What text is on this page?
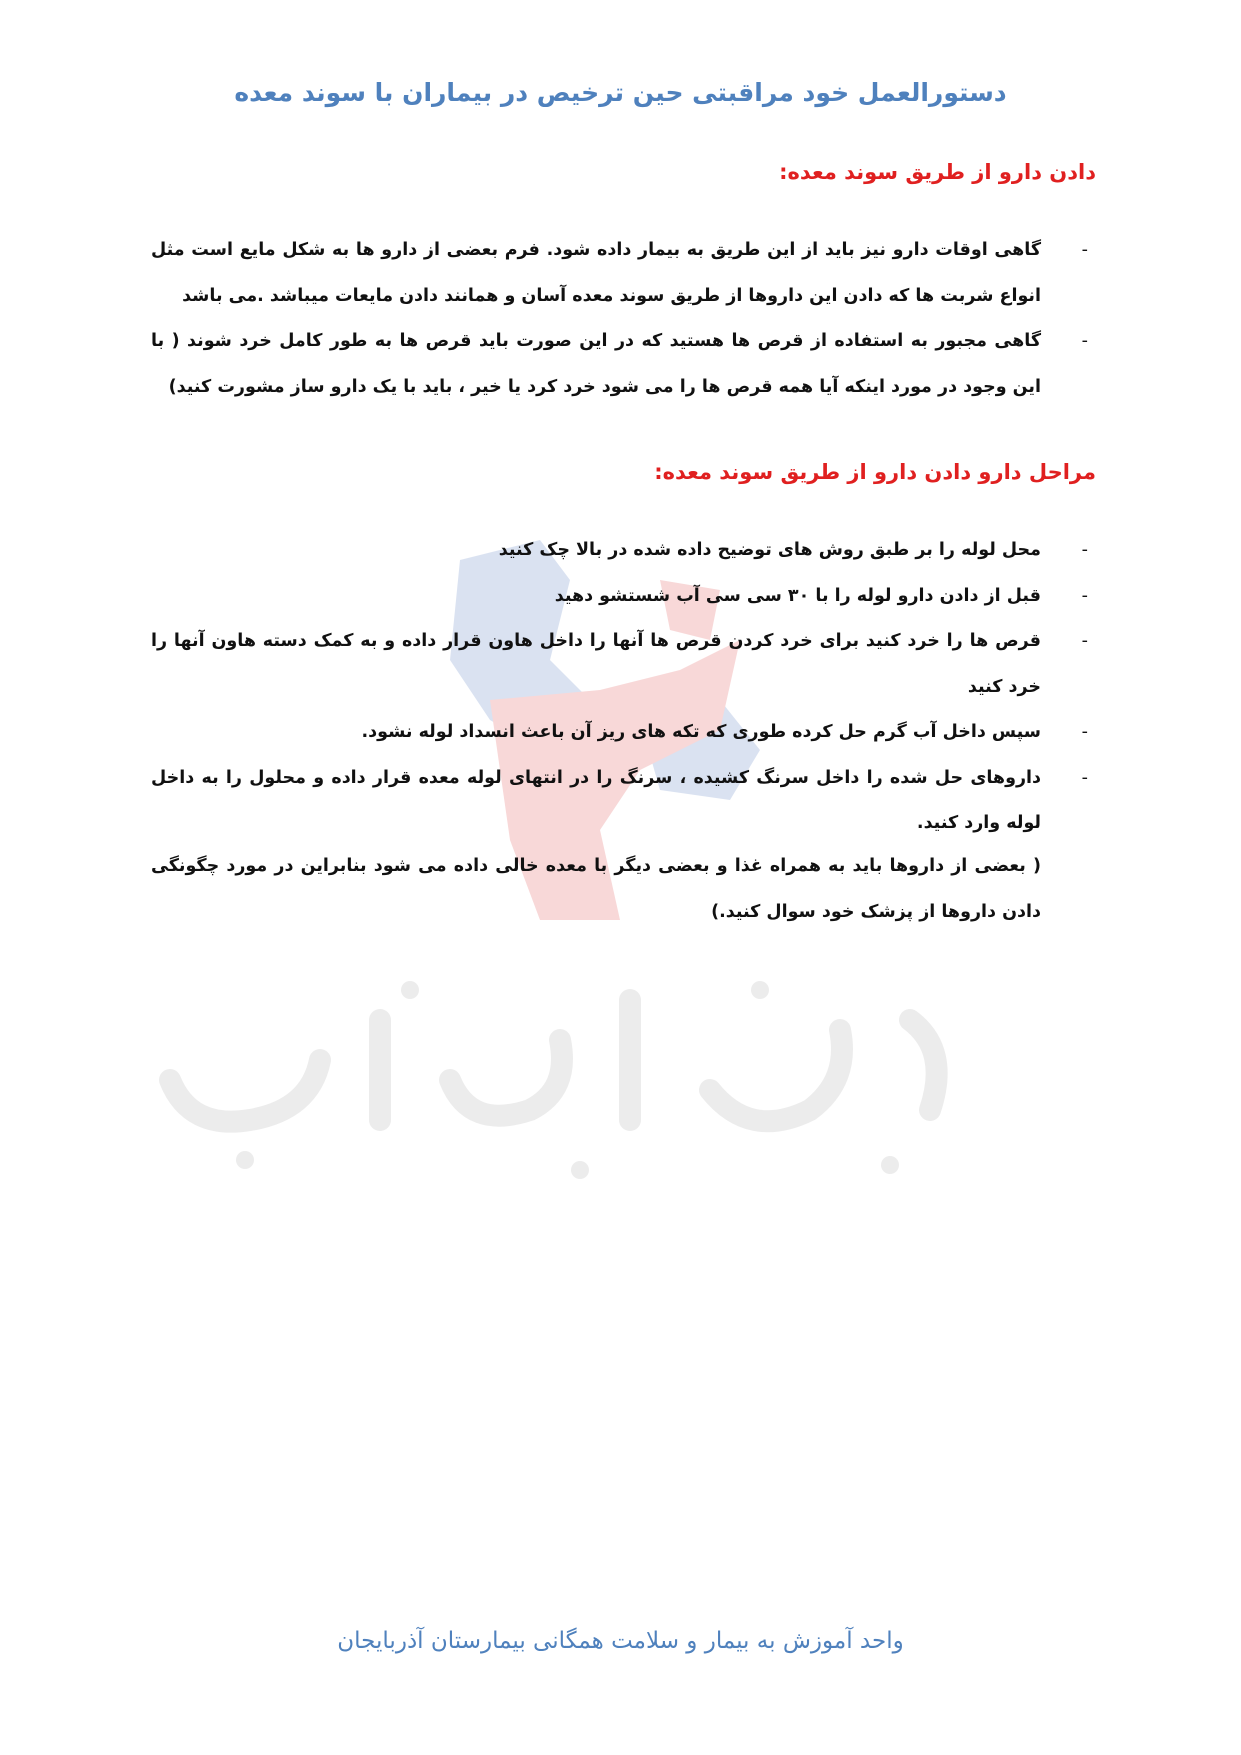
دستورالعمل خود مراقبتی حین ترخیص در بیماران با سوند معده
دادن دارو از طریق سوند معده:
-
گاهی اوقات دارو نیز باید از این طریق به بیمار داده شود. فرم بعضی از دارو ها به شکل مایع است مثل انواع شربت ها که دادن این داروها از طریق سوند معده آسان و همانند دادن مایعات میباشد .می باشد
-
گاهی مجبور به استفاده از قرص ها هستید که در این صورت باید قرص ها به طور کامل خرد شوند ( با این وجود در مورد اینکه آیا همه قرص ها را می شود خرد کرد یا خیر ، باید با یک دارو ساز مشورت کنید)
مراحل دارو دادن دارو از طریق سوند معده:
-
محل لوله را بر طبق روش های توضیح داده شده در بالا چک کنید
-
قبل از دادن دارو لوله را با ۳۰ سی سی آب شستشو دهید
-
قرص ها را خرد کنید برای خرد کردن قرص ها آنها را داخل هاون قرار داده و به کمک دسته هاون آنها را خرد کنید
-
سپس داخل آب گرم حل کرده طوری که تکه های ریز آن باعث انسداد لوله نشود.
-
داروهای حل شده را داخل سرنگ کشیده ، سرنگ را در انتهای لوله معده قرار داده و محلول را به داخل لوله وارد کنید.

( بعضی از داروها باید به همراه غذا و بعضی دیگر با معده خالی داده می شود بنابراین در مورد چگونگی دادن داروها از پزشک خود سوال کنید.)

واحد آموزش به بیمار و سلامت همگانی بیمارستان آذربایجان
